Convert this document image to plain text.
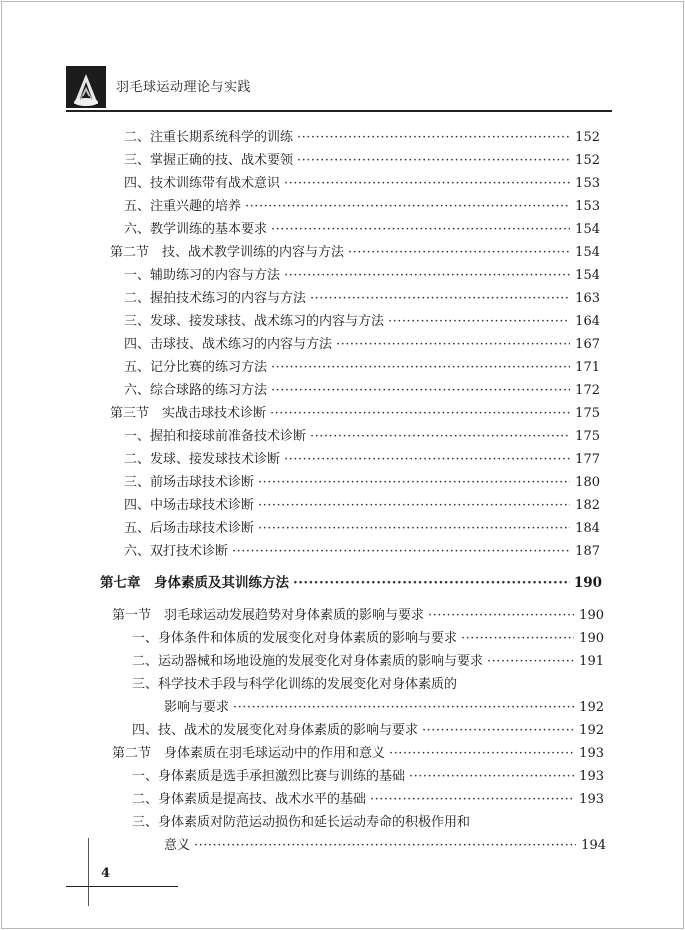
羽毛球运动理论与实践
二、注重长期系统科学的训练 ·····	152
三、掌握正确的技、战术要领 ·····	152
四、技术训练带有战术意识 ·····	153
五、注重兴趣的培养 ·····	153
六、教学训练的基本要求 ·····	154
第二节　技、战术教学训练的内容与方法 ·····	154
一、辅助练习的内容与方法 ·····	154
二、握拍技术练习的内容与方法 ·····	163
三、发球、接发球技、战术练习的内容与方法 ·····	164
四、击球技、战术练习的内容与方法 ·····	167
五、记分比赛的练习方法 ·····	171
六、综合球路的练习方法 ·····	172
第三节　实战击球技术诊断 ·····	175
一、握拍和接球前准备技术诊断 ·····	175
二、发球、接发球技术诊断 ·····	177
三、前场击球技术诊断 ·····	180
四、中场击球技术诊断 ·····	182
五、后场击球技术诊断 ·····	184
六、双打技术诊断 ·····	187
第七章　身体素质及其训练方法 ·····	190
第一节　羽毛球运动发展趋势对身体素质的影响与要求 ·····	190
一、身体条件和体质的发展变化对身体素质的影响与要求 ·····	190
二、运动器械和场地设施的发展变化对身体素质的影响与要求 ·····	191
三、科学技术手段与科学化训练的发展变化对身体素质的
影响与要求 ·····	192
四、技、战术的发展变化对身体素质的影响与要求 ·····	192
第二节　身体素质在羽毛球运动中的作用和意义 ·····	193
一、身体素质是选手承担激烈比赛与训练的基础 ·····	193
二、身体素质是提高技、战术水平的基础 ·····	193
三、身体素质对防范运动损伤和延长运动寿命的积极作用和
意义 ·····	194
4
